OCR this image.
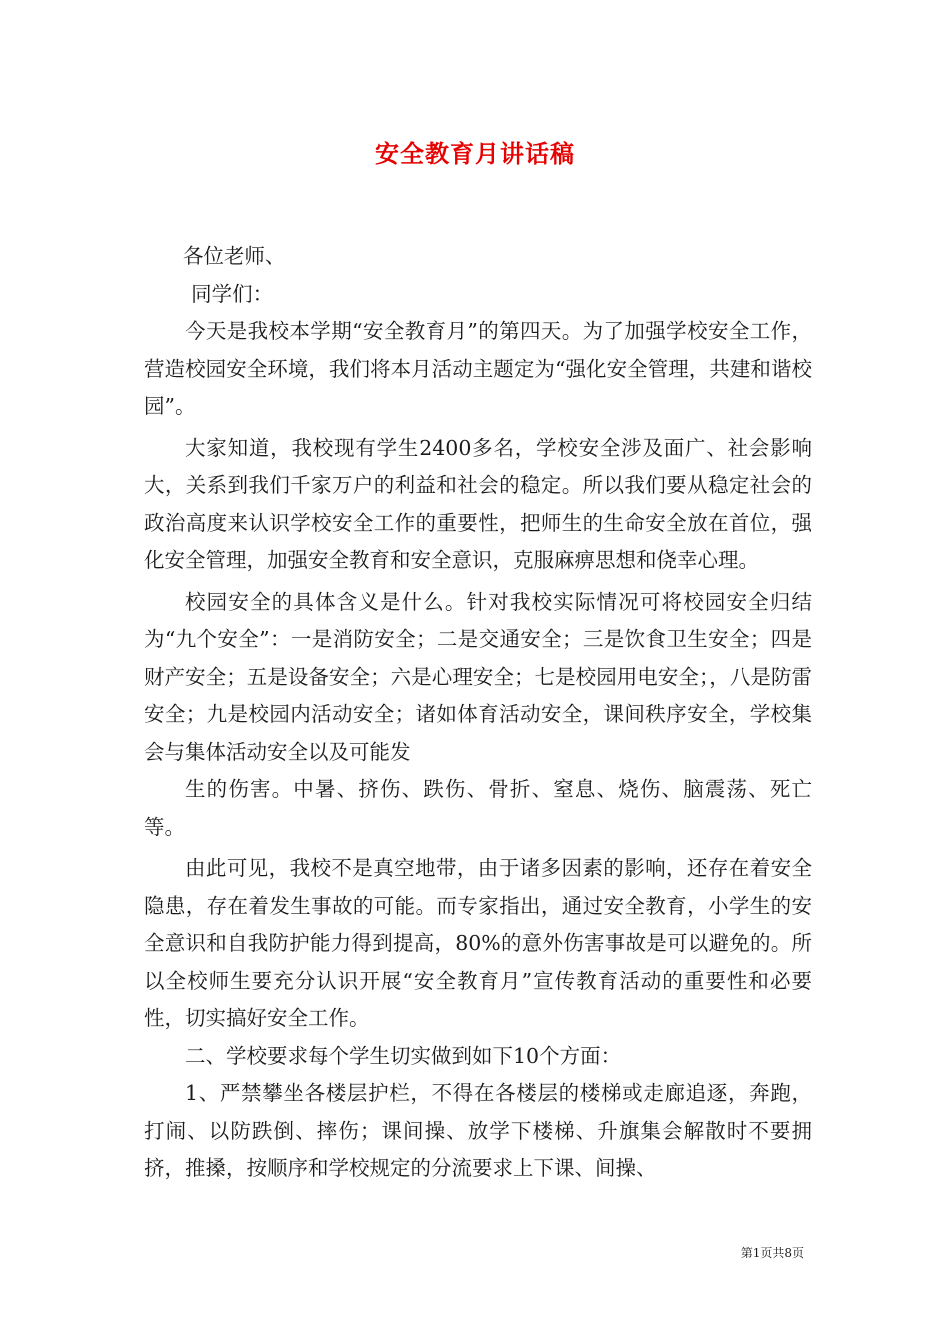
安全教育月讲话稿

各位老师、

同学们：

今天是我校本学期“安全教育月”的第四天。为了加强学校安全工作，营造校园安全环境，我们将本月活动主题定为“强化安全管理，共建和谐校园”。

大家知道，我校现有学生2400多名，学校安全涉及面广、社会影响大，关系到我们千家万户的利益和社会的稳定。所以我们要从稳定社会的政治高度来认识学校安全工作的重要性，把师生的生命安全放在首位，强化安全管理，加强安全教育和安全意识，克服麻痹思想和侥幸心理。

校园安全的具体含义是什么。针对我校实际情况可将校园安全归结为“九个安全”：一是消防安全；二是交通安全；三是饮食卫生安全；四是财产安全；五是设备安全；六是心理安全；七是校园用电安全；，八是防雷安全；九是校园内活动安全；诸如体育活动安全，课间秩序安全，学校集会与集体活动安全以及可能发

生的伤害。中暑、挤伤、跌伤、骨折、窒息、烧伤、脑震荡、死亡等。

由此可见，我校不是真空地带，由于诸多因素的影响，还存在着安全隐患，存在着发生事故的可能。而专家指出，通过安全教育，小学生的安全意识和自我防护能力得到提高，80%的意外伤害事故是可以避免的。所以全校师生要充分认识开展“安全教育月”宣传教育活动的重要性和必要性，切实搞好安全工作。

二、学校要求每个学生切实做到如下10个方面：

1、严禁攀坐各楼层护栏，不得在各楼层的楼梯或走廊追逐，奔跑，打闹、以防跌倒、摔伤；课间操、放学下楼梯、升旗集会解散时不要拥挤，推搡，按顺序和学校规定的分流要求上下课、间操、

第1页共8页
